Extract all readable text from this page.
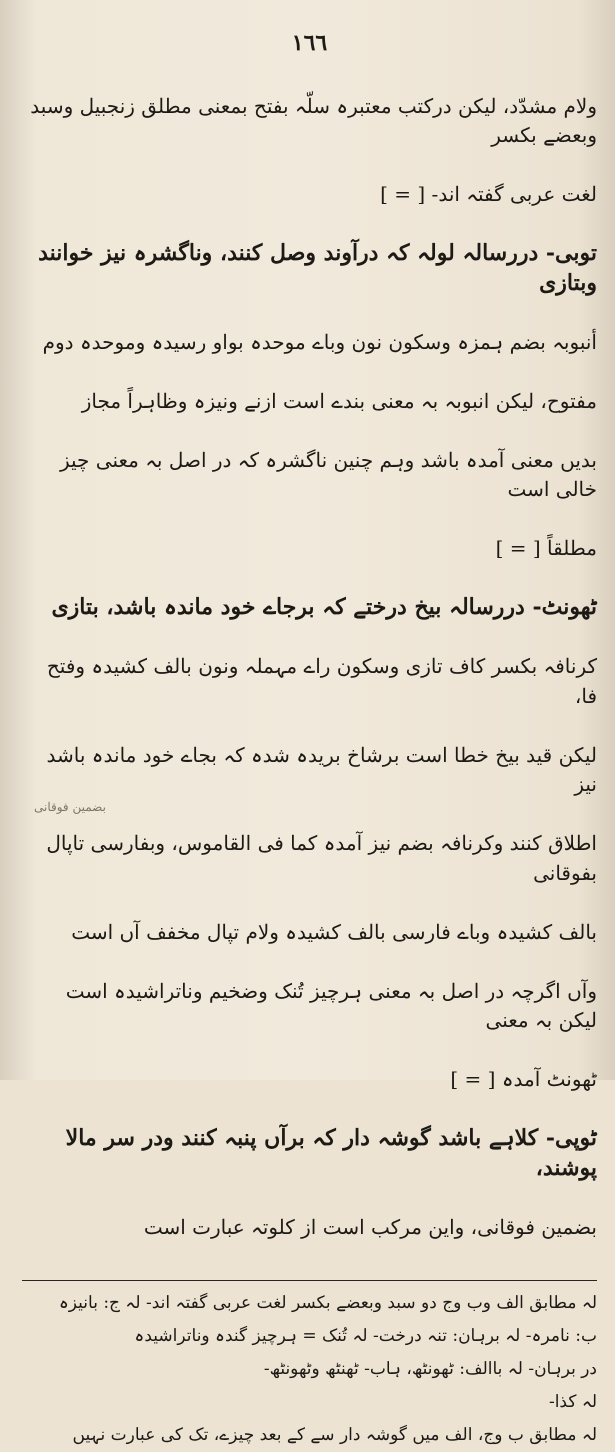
١٦٦

ولام مشدّد، لیکن درکتب معتبرہ سلّہ بفتح بمعنی مطلق زنجبیل وسبد وبعضے بکسر

لغت عربی گفتہ اند- [ = ]

توبی- دررسالہ لولہ کہ درآوند وصل کنند، وناگشرہ نیز خوانند وبتازی

أنبوبہ بضم ہمزہ وسکون نون وباے موحدہ بواو رسیدہ وموحدہ دوم

مفتوح، لیکن انبوبہ بہ معنی بندے است ازنے ونیزہ وظاہراً مجاز

بدیں معنی آمدہ باشد وہم چنین ناگشرہ کہ در اصل بہ معنی چیز خالی است

مطلقاً [ = ]

ٹھونٹ- دررسالہ بیخ درختے کہ برجاے خود ماندہ باشد، بتازی

کرنافہ بکسر کاف تازی وسکون راے مہملہ ونون بالف کشیدہ وفتح فا،

لیکن قید بیخ خطا است برشاخ بریدہ شدہ کہ بجاے خود ماندہ باشد نیز

اطلاق کنند وکرنافہ بضم نیز آمدہ کما فی القاموس، وبفارسی تاپال بفوقانی

بالف کشیدہ وباے فارسی بالف کشیدہ ولام تپال مخفف آں است

وآں اگرچہ در اصل بہ معنی ہرچیز تُنک وضخیم وناتراشیدہ است لیکن بہ معنی

ٹھونٹ آمدہ [ = ]

ٹوپی- کلاہے باشد گوشہ دار کہ برآں پنبہ کنند ودر سر مالا پوشند،

بضمین فوقانی، واین مرکب است از کلوتہ عبارت است

لہ مطابق الف وب وج دو سبد وبعضے بکسر لغت عربی گفتہ اند- لہ ج: بانیزہ
ب: نامرہ- لہ برہان: تنہ درخت- لہ تُنک = ہرچیز گندہ وناتراشیدہ
در برہان- لہ باالف: ٹھونٹھ، ہاب- ٹھنٹھ وٹھونٹھ-
لہ کذا-
لہ مطابق ب وج، الف میں گوشہ دار سے کے بعد چیزے، تک کی عبارت نہیں
بضمین فوقانی
